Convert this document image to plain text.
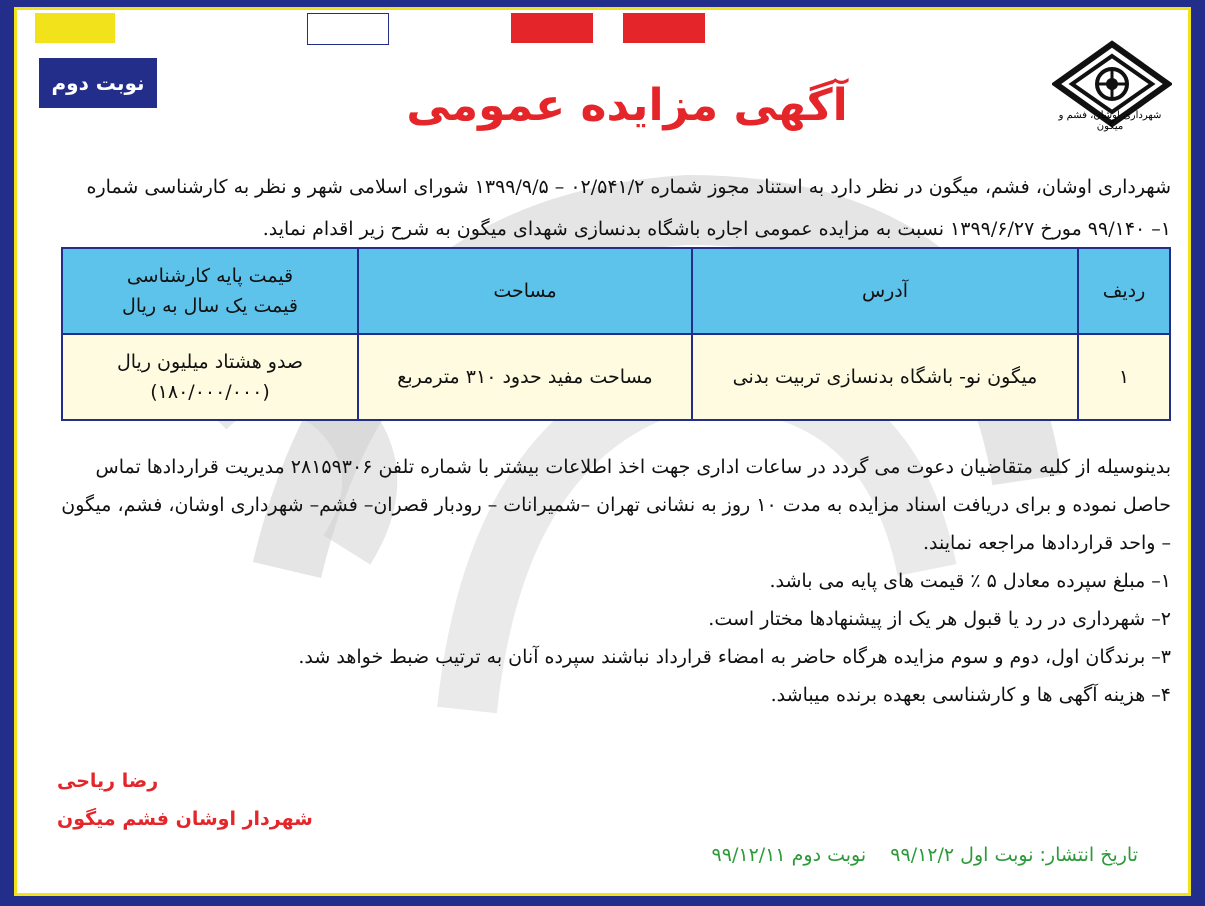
نوبت دوم
شهرداری اوشان، فشم و میگون
آگهی مزایده عمومی
شهرداری اوشان، فشم، میگون در نظر دارد به استناد مجوز شماره ۰۲/۵۴۱/۲ – ۱۳۹۹/۹/۵ شورای اسلامی شهر و نظر به کارشناسی شماره ۱– ۹۹/۱۴۰ مورخ ۱۳۹۹/۶/۲۷ نسبت به مزایده عمومی اجاره باشگاه بدنسازی شهدای میگون به شرح زیر اقدام نماید.
ردیف	آدرس	مساحت	قیمت پایه کارشناسی
قیمت یک سال به ریال

۱	میگون نو- باشگاه بدنسازی تربیت بدنی	مساحت مفید حدود ۳۱۰ مترمربع	صدو هشتاد میلیون ریال
(۱۸۰/۰۰۰/۰۰۰)
بدینوسیله از کلیه متقاضیان دعوت می گردد در ساعات اداری جهت اخذ اطلاعات بیشتر با شماره تلفن ۲۸۱۵۹۳۰۶ مدیریت قراردادها تماس حاصل نموده و برای دریافت اسناد مزایده به مدت ۱۰ روز به نشانی تهران –شمیرانات – رودبار قصران– فشم– شهرداری اوشان، فشم، میگون – واحد قراردادها مراجعه نمایند.
۱– مبلغ سپرده معادل ۵ ٪ قیمت های پایه می باشد.
۲– شهرداری در رد یا قبول هر یک از پیشنهادها مختار است.
۳– برندگان اول، دوم و سوم مزایده هرگاه حاضر به امضاء قرارداد نباشند سپرده آنان به ترتیب ضبط خواهد شد.
۴– هزینه آگهی ها و کارشناسی بعهده برنده میباشد.
رضا ریاحی
شهردار اوشان فشم میگون
تاریخ انتشار: نوبت اول ۹۹/۱۲/۲    نوبت دوم ۹۹/۱۲/۱۱
